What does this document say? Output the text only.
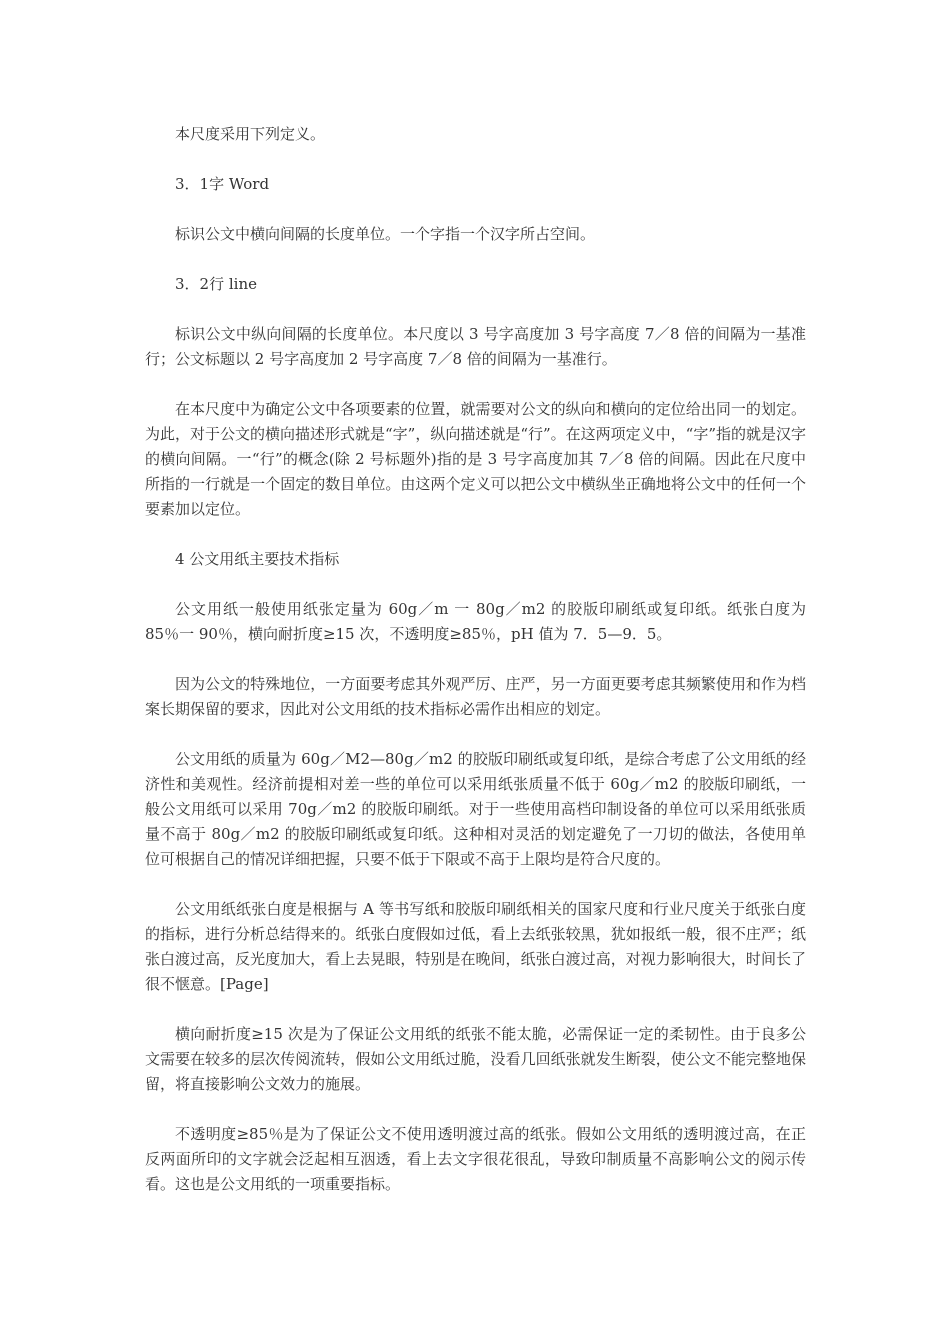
本尺度采用下列定义。

3．1字 Word

标识公文中横向间隔的长度单位。一个字指一个汉字所占空间。

3．2行 line

标识公文中纵向间隔的长度单位。本尺度以 3 号字高度加 3 号字高度 7／8 倍的间隔为一基准行；公文标题以 2 号字高度加 2 号字高度 7／8 倍的间隔为一基准行。

在本尺度中为确定公文中各项要素的位置，就需要对公文的纵向和横向的定位给出同一的划定。为此，对于公文的横向描述形式就是“字”，纵向描述就是“行”。在这两项定义中，“字”指的就是汉字的横向间隔。一“行”的概念(除 2 号标题外)指的是 3 号字高度加其 7／8 倍的间隔。因此在尺度中所指的一行就是一个固定的数目单位。由这两个定义可以把公文中横纵坐正确地将公文中的任何一个要素加以定位。

4 公文用纸主要技术指标

公文用纸一般使用纸张定量为 60g／m 一 80g／m2 的胶版印刷纸或复印纸。纸张白度为 85％一 90％，横向耐折度≥15 次，不透明度≥85％，pH 值为 7．5—9．5。

因为公文的特殊地位，一方面要考虑其外观严厉、庄严，另一方面更要考虑其频繁使用和作为档案长期保留的要求，因此对公文用纸的技术指标必需作出相应的划定。

公文用纸的质量为 60g／M2—80g／m2 的胶版印刷纸或复印纸，是综合考虑了公文用纸的经济性和美观性。经济前提相对差一些的单位可以采用纸张质量不低于 60g／m2 的胶版印刷纸，一般公文用纸可以采用 70g／m2 的胶版印刷纸。对于一些使用高档印制设备的单位可以采用纸张质量不高于 80g／m2 的胶版印刷纸或复印纸。这种相对灵活的划定避免了一刀切的做法，各使用单位可根据自己的情况详细把握，只要不低于下限或不高于上限均是符合尺度的。

公文用纸纸张白度是根据与 A 等书写纸和胶版印刷纸相关的国家尺度和行业尺度关于纸张白度的指标，进行分析总结得来的。纸张白度假如过低，看上去纸张较黑，犹如报纸一般，很不庄严；纸张白渡过高，反光度加大，看上去晃眼，特别是在晚间，纸张白渡过高，对视力影响很大，时间长了很不惬意。[Page]

横向耐折度≥15 次是为了保证公文用纸的纸张不能太脆，必需保证一定的柔韧性。由于良多公文需要在较多的层次传阅流转，假如公文用纸过脆，没看几回纸张就发生断裂，使公文不能完整地保留，将直接影响公文效力的施展。

不透明度≥85％是为了保证公文不使用透明渡过高的纸张。假如公文用纸的透明渡过高，在正反两面所印的文字就会泛起相互洇透，看上去文字很花很乱，导致印制质量不高影响公文的阅示传看。这也是公文用纸的一项重要指标。
